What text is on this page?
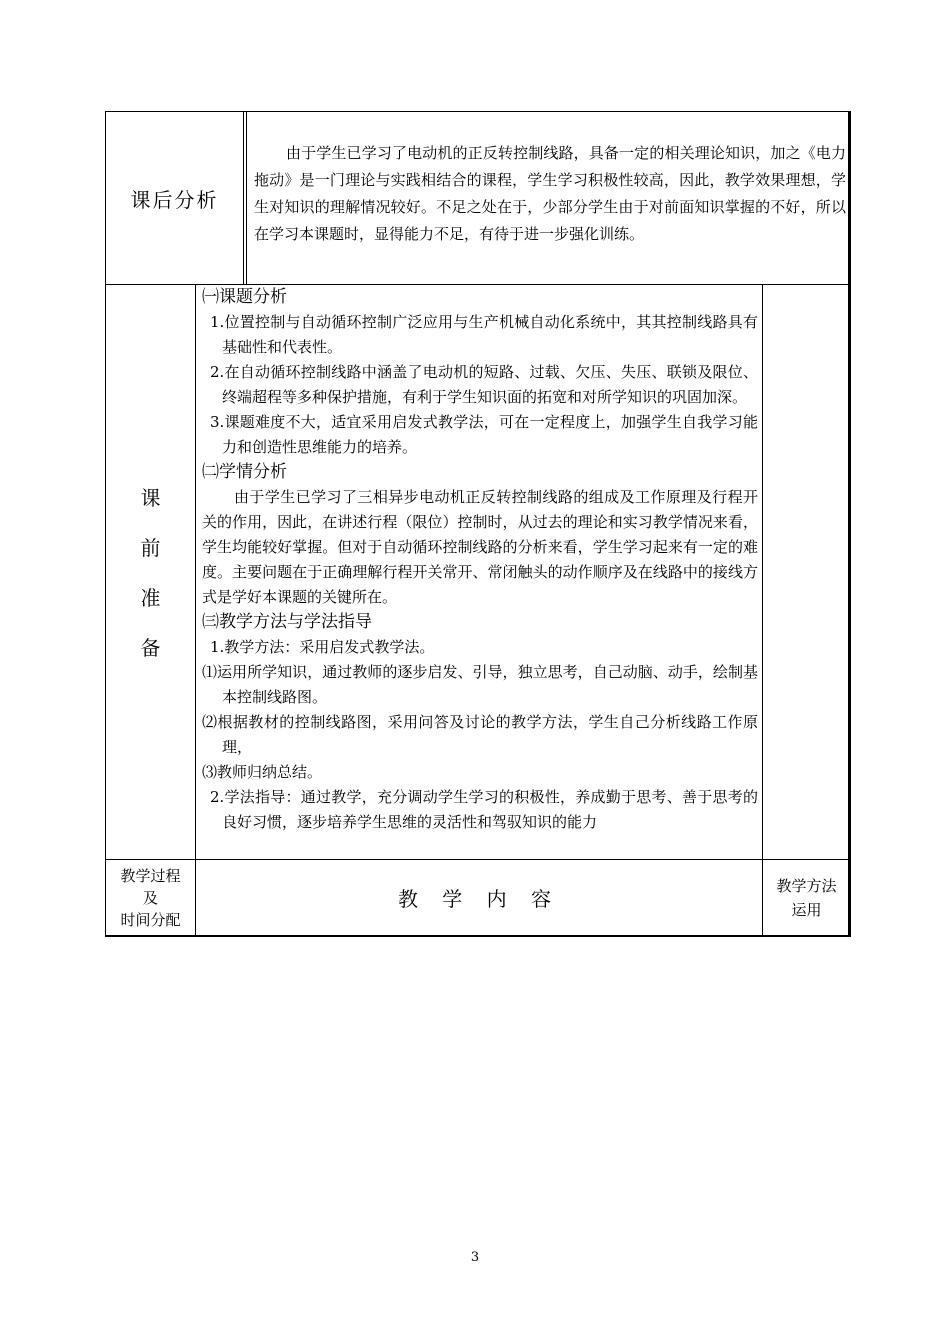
课后分析
由于学生已学习了电动机的正反转控制线路，具备一定的相关理论知识，加之《电力拖动》是一门理论与实践相结合的课程，学生学习积极性较高，因此，教学效果理想，学生对知识的理解情况较好。不足之处在于，少部分学生由于对前面知识掌握的不好，所以在学习本课题时，显得能力不足，有待于进一步强化训练。
课
前
准
备
㈠课题分析
1.位置控制与自动循环控制广泛应用与生产机械自动化系统中，其其控制线路具有基础性和代表性。
2.在自动循环控制线路中涵盖了电动机的短路、过载、欠压、失压、联锁及限位、终端超程等多种保护措施，有利于学生知识面的拓宽和对所学知识的巩固加深。
3.课题难度不大，适宜采用启发式教学法，可在一定程度上，加强学生自我学习能力和创造性思维能力的培养。
㈡学情分析
由于学生已学习了三相异步电动机正反转控制线路的组成及工作原理及行程开关的作用，因此，在讲述行程（限位）控制时，从过去的理论和实习教学情况来看，学生均能较好掌握。但对于自动循环控制线路的分析来看，学生学习起来有一定的难度。主要问题在于正确理解行程开关常开、常闭触头的动作顺序及在线路中的接线方式是学好本课题的关键所在。
㈢教学方法与学法指导
1.教学方法：采用启发式教学法。
⑴运用所学知识，通过教师的逐步启发、引导，独立思考，自己动脑、动手，绘制基本控制线路图。
⑵根据教材的控制线路图，采用问答及讨论的教学方法，学生自己分析线路工作原理，
⑶教师归纳总结。
2.学法指导：通过教学，充分调动学生学习的积极性，养成勤于思考、善于思考的良好习惯，逐步培养学生思维的灵活性和驾驭知识的能力
教学过程
及
时间分配
教 学 内 容
教学方法
运用
3
